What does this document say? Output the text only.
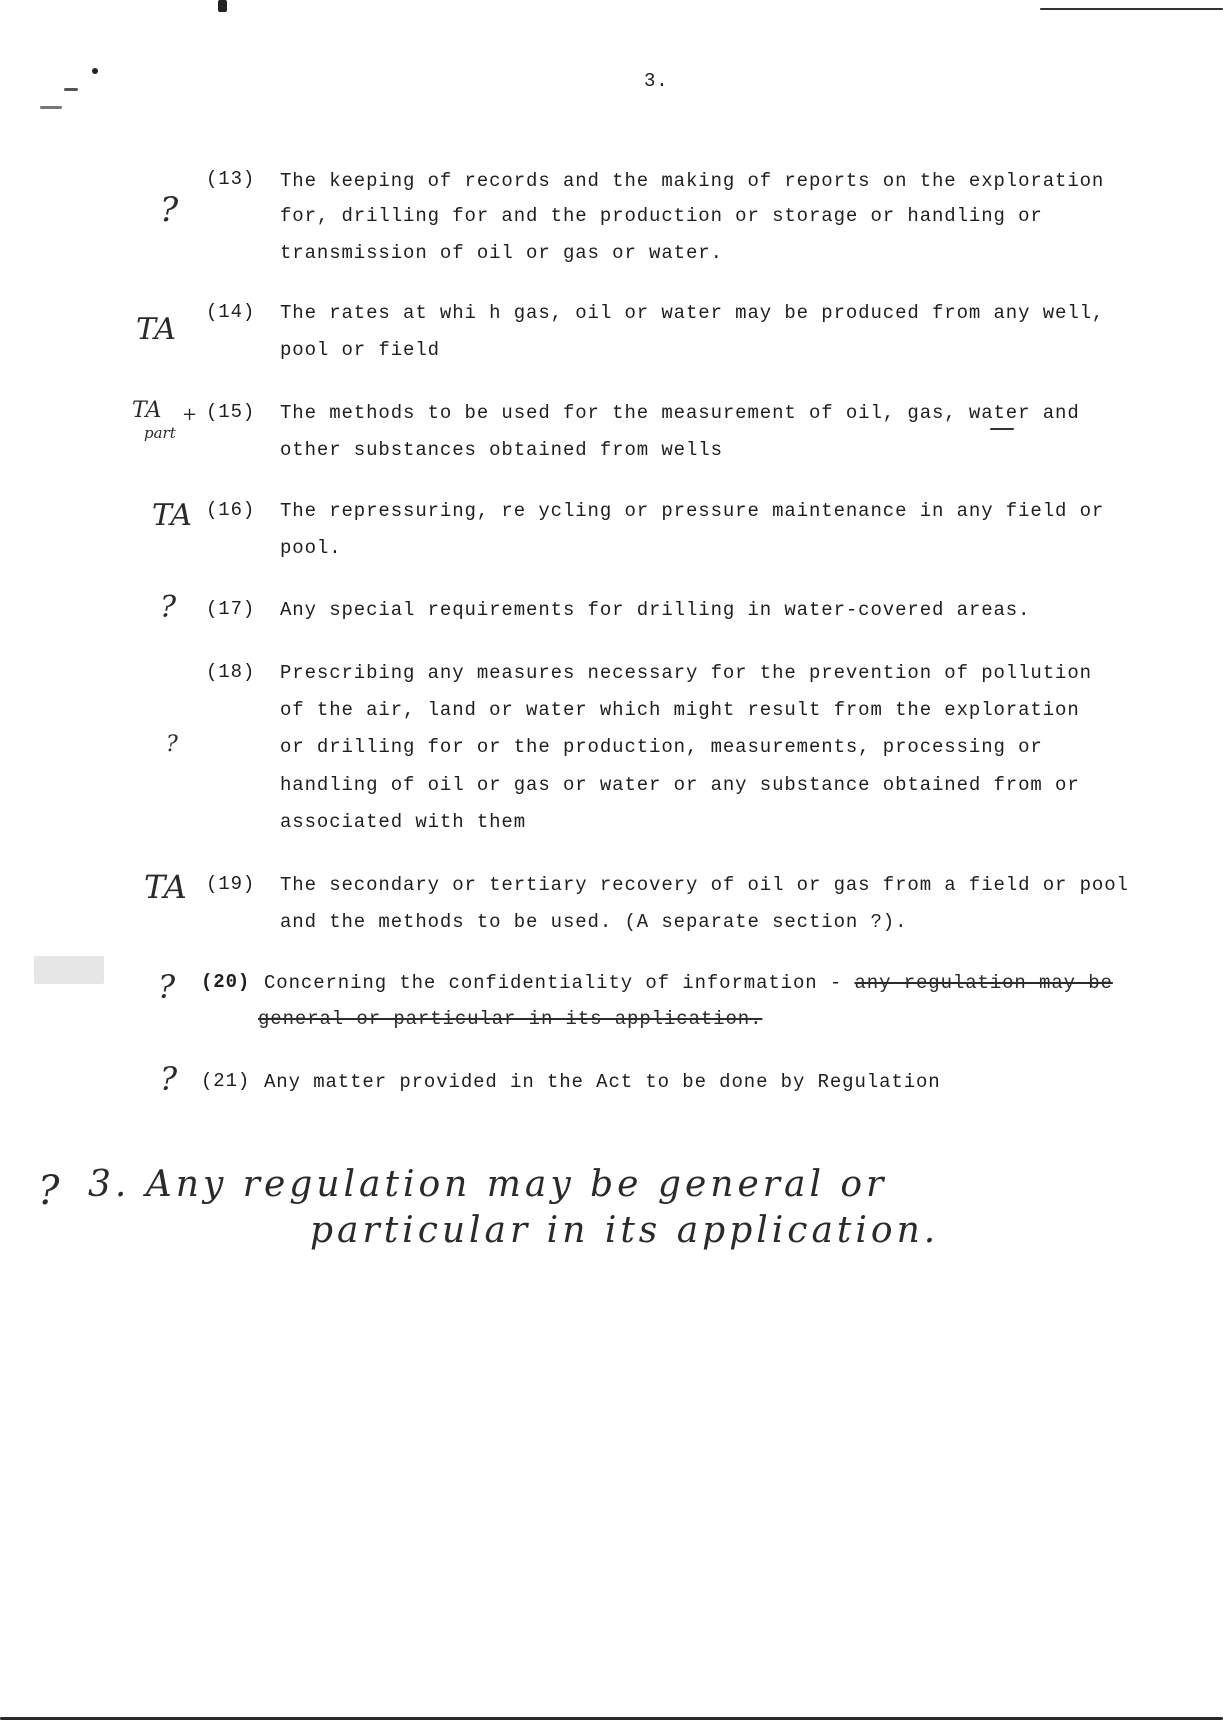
3.
(13) The keeping of records and the making of reports on the exploration
for, drilling for and the production or storage or handling or
transmission of oil or gas or water.
?
(14) The rates at whi h gas, oil or water may be produced from any well,
pool or field
TA
(15) The methods to be used for the measurement of oil, gas, water and
other substances obtained from wells
TA +
part
(16) The repressuring, re ycling or pressure maintenance in any field or
pool.
TA
(17) Any special requirements for drilling in water-covered areas.
?
(18) Prescribing any measures necessary for the prevention of pollution
of the air, land or water which might result from the exploration
or drilling for or the production, measurements, processing or
handling of oil or gas or water or any substance obtained from or
associated with them
?
(19) The secondary or tertiary recovery of oil or gas from a field or pool
and the methods to be used. (A separate section ?).
TA
(20) Concerning the confidentiality of information - any regulation may be
general or particular in its application.
?
(21) Any matter provided in the Act to be done by Regulation
?
? 3. Any regulation may be general or
particular in its application.
